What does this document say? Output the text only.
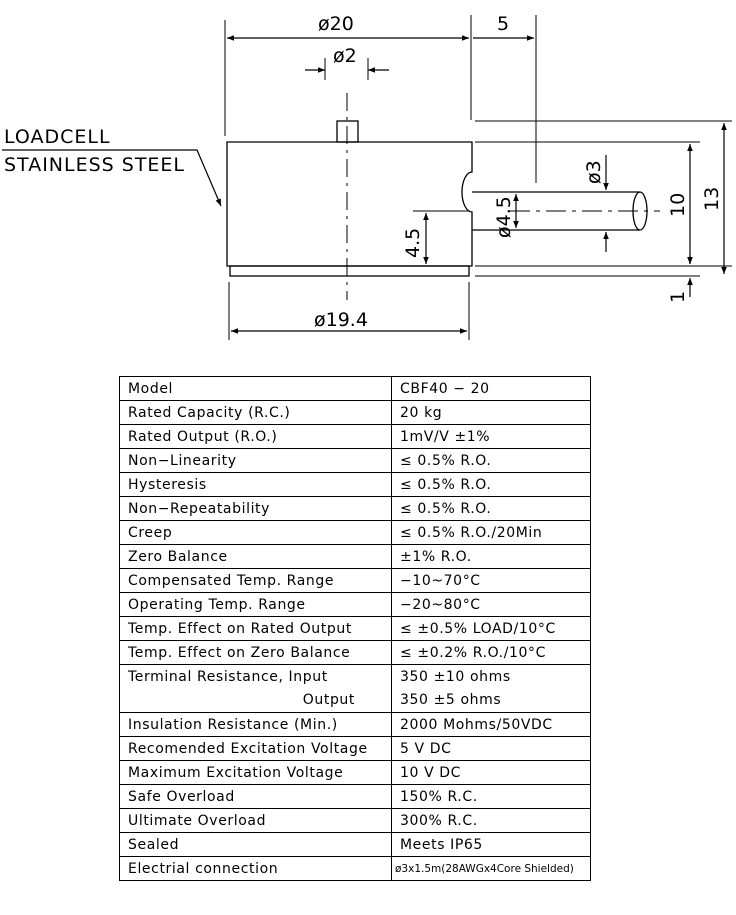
ø20	5
ø2
ø19.4
4.5
ø4.5
ø3
10 13
1
LOADCELL
STAINLESS STEEL
Model	CBF40 − 20
Rated Capacity (R.C.)	20 kg
Rated Output (R.O.)	1mV/V ±1%
Non−Linearity	≤ 0.5% R.O.
Hysteresis	≤ 0.5% R.O.
Non−Repeatability	≤ 0.5% R.O.
Creep	≤ 0.5% R.O./20Min
Zero Balance	±1% R.O.
Compensated Temp. Range	−10~70°C
Operating Temp. Range	−20~80°C
Temp. Effect on Rated Output	≤ ±0.5% LOAD/10°C
Temp. Effect on Zero Balance	≤ ±0.2% R.O./10°C
Terminal Resistance, Input	350 ±10 ohms
Output	350 ±5 ohms
Insulation Resistance (Min.)	2000 Mohms/50VDC
Recomended Excitation Voltage	5 V DC
Maximum Excitation Voltage	10 V DC
Safe Overload	150% R.C.
Ultimate Overload	300% R.C.
Sealed	Meets IP65
Electrial connection	ø3x1.5m(28AWGx4Core Shielded)
